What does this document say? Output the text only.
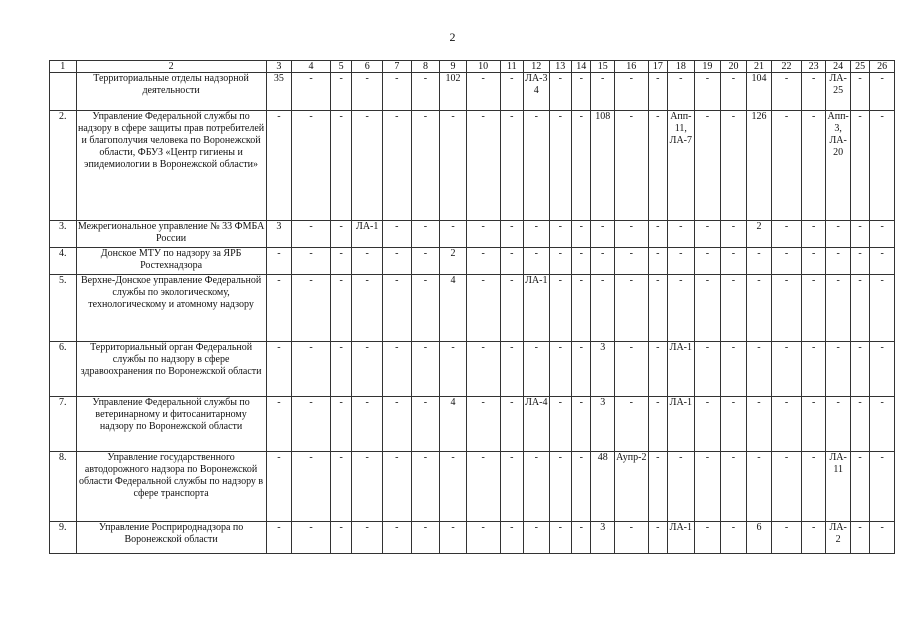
2
1	2	3	4	5	6	7	8	9	10	11	12	13	14	15	16	17	18	19	20	21	22	23	24	25	26
	Территориальные отделы надзорной деятельности	35	-	-	-	-	-	102	-	-	ЛА-34	-	-	-	-	-	-	-	-	104	-	-	ЛА-25	-	-
2.	Управление Федеральной службы по надзору в сфере защиты прав потребителей и благополучия человека по Воронежской области, ФБУЗ «Центр гигиены и эпидемиологии в Воронежской области»	-	-	-	-	-	-	-	-	-	-	-	-	108	-	-	Апп-11, ЛА-7	-	-	126	-	-	Апп-3, ЛА-20	-	-
3.	Межрегиональное управление № 33 ФМБА России	3	-	-	ЛА-1	-	-	-	-	-	-	-	-	-	-	-	-	-	-	2	-	-	-	-	-
4.	Донское МТУ по надзору за ЯРБ Ростехнадзора	-	-	-	-	-	-	2	-	-	-	-	-	-	-	-	-	-	-	-	-	-	-	-	-
5.	Верхне-Донское управление Федеральной службы по экологическому, технологическому и атомному надзору	-	-	-	-	-	-	4	-	-	ЛА-1	-	-	-	-	-	-	-	-	-	-	-	-	-	-
6.	Территориальный орган Федеральной службы по надзору в сфере здравоохранения по Воронежской области	-	-	-	-	-	-	-	-	-	-	-	-	3	-	-	ЛА-1	-	-	-	-	-	-	-	-
7.	Управление Федеральной службы по ветеринарному и фитосанитарному надзору по Воронежской области	-	-	-	-	-	-	4	-	-	ЛА-4	-	-	3	-	-	ЛА-1	-	-	-	-	-	-	-	-
8.	Управление государственного автодорожного надзора по Воронежской области Федеральной службы по надзору в сфере транспорта	-	-	-	-	-	-	-	-	-	-	-	-	48	Аупр-2	-	-	-	-	-	-	-	ЛА-11	-	-
9.	Управление Росприроднадзора по Воронежской области	-	-	-	-	-	-	-	-	-	-	-	-	3	-	-	ЛА-1	-	-	6	-	-	ЛА-2	-	-
